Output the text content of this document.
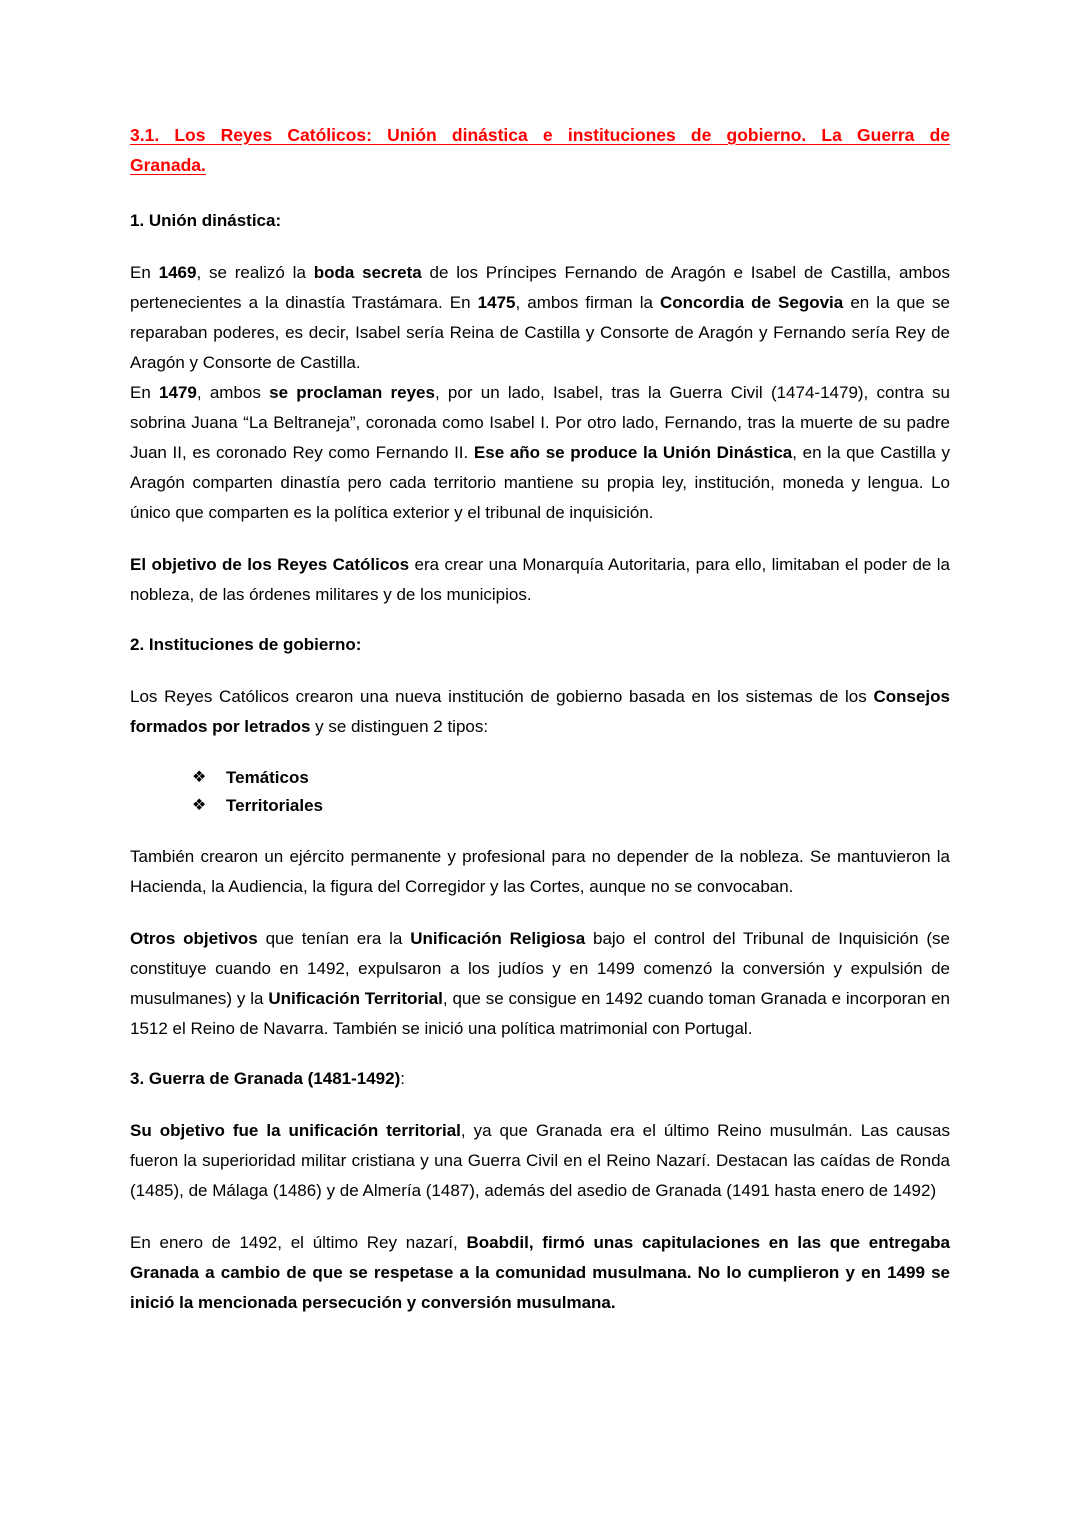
3.1. Los Reyes Católicos: Unión dinástica e instituciones de gobierno. La Guerra de
Granada.
1. Unión dinástica:

En 1469, se realizó la boda secreta de los Príncipes Fernando de Aragón e Isabel de Castilla, ambos pertenecientes a la dinastía Trastámara. En 1475, ambos firman la Concordia de Segovia en la que se reparaban poderes, es decir, Isabel sería Reina de Castilla y Consorte de Aragón y Fernando sería Rey de Aragón y Consorte de Castilla.

En 1479, ambos se proclaman reyes, por un lado, Isabel, tras la Guerra Civil (1474-1479), contra su sobrina Juana “La Beltraneja”, coronada como Isabel I. Por otro lado, Fernando, tras la muerte de su padre Juan II, es coronado Rey como Fernando II. Ese año se produce la Unión Dinástica, en la que Castilla y Aragón comparten dinastía pero cada territorio mantiene su propia ley, institución, moneda y lengua. Lo único que comparten es la política exterior y el tribunal de inquisición.

El objetivo de los Reyes Católicos era crear una Monarquía Autoritaria, para ello, limitaban el poder de la nobleza, de las órdenes militares y de los municipios.

2. Instituciones de gobierno:

Los Reyes Católicos crearon una nueva institución de gobierno basada en los sistemas de los Consejos formados por letrados y se distinguen 2 tipos:

❖ Temáticos
❖ Territoriales

También crearon un ejército permanente y profesional para no depender de la nobleza. Se mantuvieron la Hacienda, la Audiencia, la figura del Corregidor y las Cortes, aunque no se convocaban.

Otros objetivos que tenían era la Unificación Religiosa bajo el control del Tribunal de Inquisición (se constituye cuando en 1492, expulsaron a los judíos y en 1499 comenzó la conversión y expulsión de musulmanes) y la Unificación Territorial, que se consigue en 1492 cuando toman Granada e incorporan en 1512 el Reino de Navarra. También se inició una política matrimonial con Portugal.

3. Guerra de Granada (1481-1492):

Su objetivo fue la unificación territorial, ya que Granada era el último Reino musulmán. Las causas fueron la superioridad militar cristiana y una Guerra Civil en el Reino Nazarí. Destacan las caídas de Ronda (1485), de Málaga (1486) y de Almería (1487), además del asedio de Granada (1491 hasta enero de 1492)

En enero de 1492, el último Rey nazarí, Boabdil, firmó unas capitulaciones en las que entregaba Granada a cambio de que se respetase a la comunidad musulmana. No lo cumplieron y en 1499 se inició la mencionada persecución y conversión musulmana.
